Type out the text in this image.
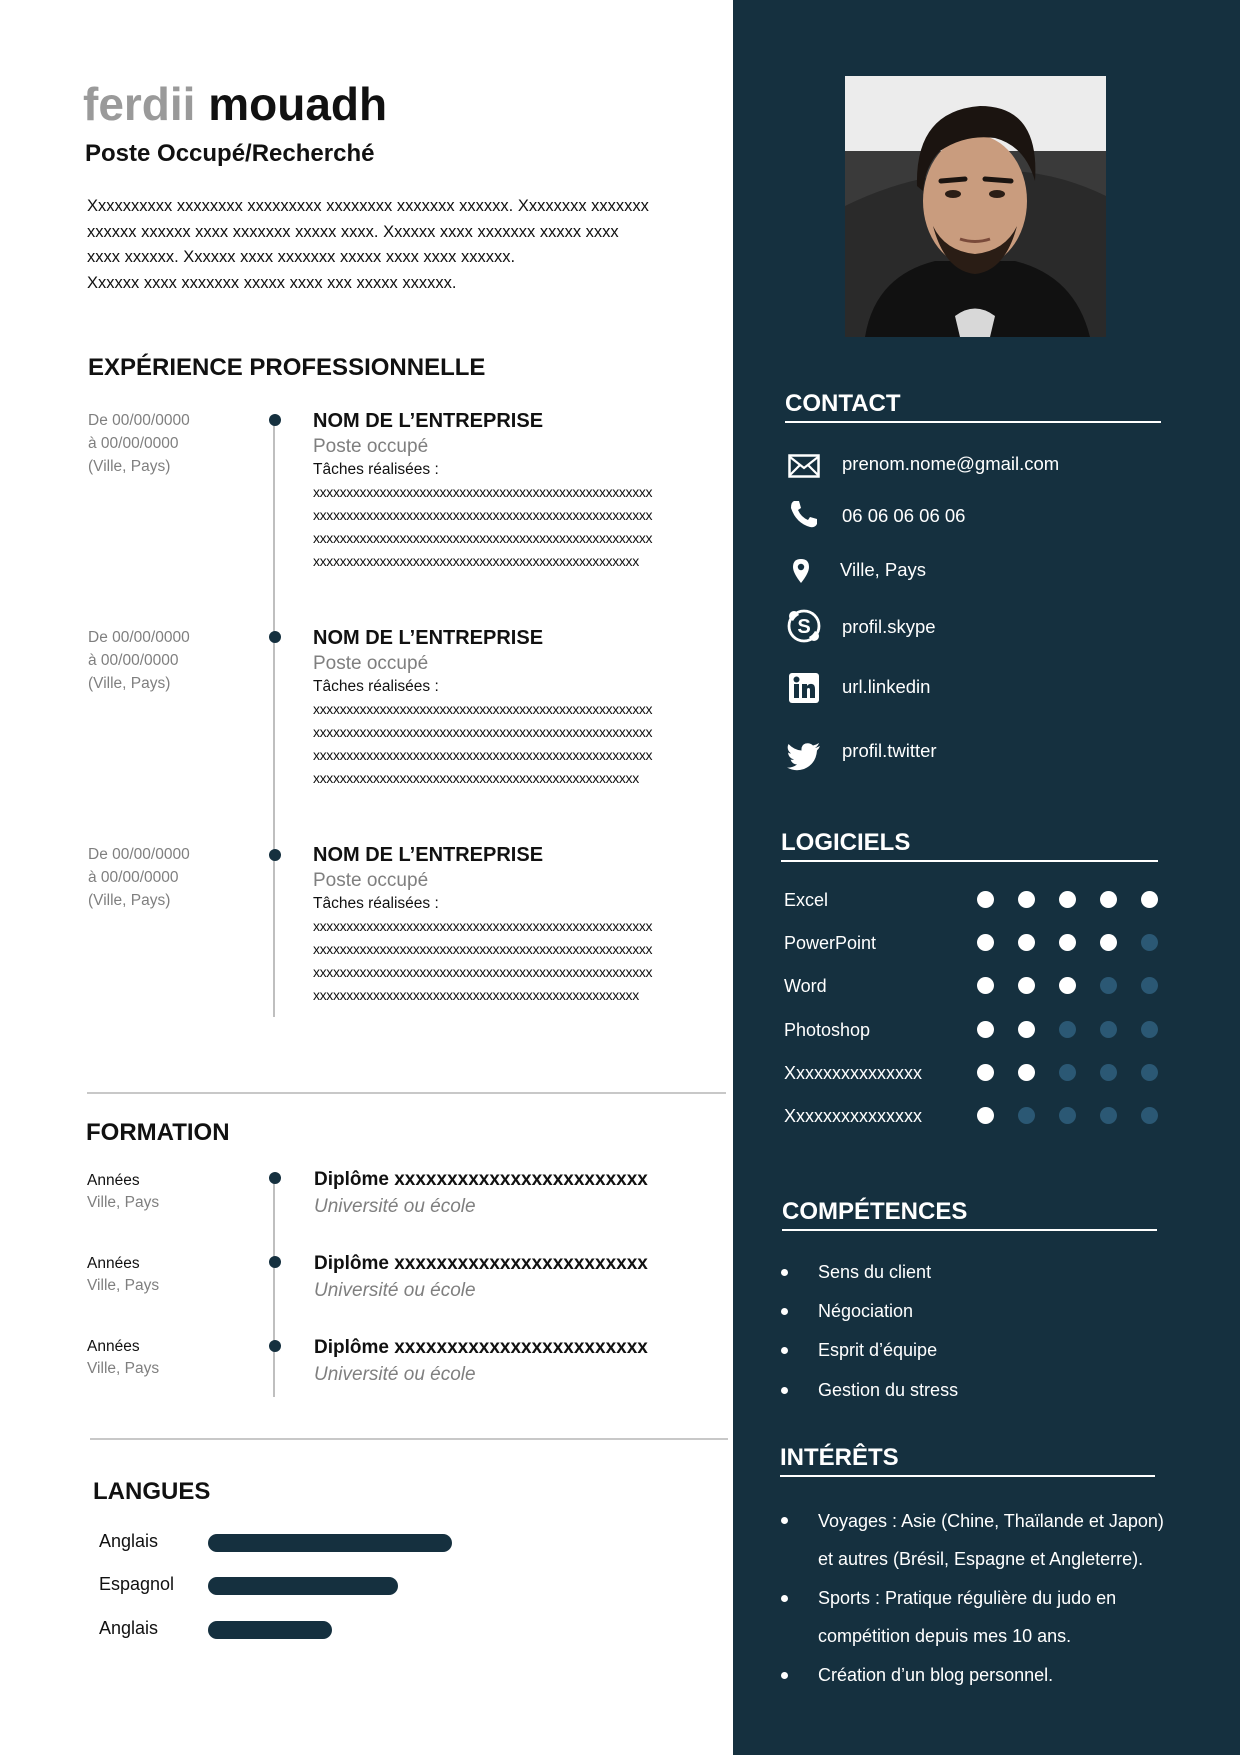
ferdii mouadh
Poste Occupé/Recherché
Xxxxxxxxxx xxxxxxxx xxxxxxxxx xxxxxxxx xxxxxxx xxxxxx. Xxxxxxxx xxxxxxx
xxxxxx xxxxxx xxxx xxxxxxx xxxxx xxxx. Xxxxxx xxxx xxxxxxx xxxxx xxxx
xxxx xxxxxx. Xxxxxx xxxx xxxxxxx xxxxx xxxx xxxx xxxxxx.
Xxxxxx xxxx xxxxxxx xxxxx xxxx xxx xxxxx xxxxxx.
EXPÉRIENCE PROFESSIONNELLE
De 00/00/0000
à 00/00/0000
(Ville, Pays)
NOM DE L’ENTREPRISE
Poste occupé
Tâches réalisées :
xxxxxxxxxxxxxxxxxxxxxxxxxxxxxxxxxxxxxxxxxxxxxxxxxxx
xxxxxxxxxxxxxxxxxxxxxxxxxxxxxxxxxxxxxxxxxxxxxxxxxxx
xxxxxxxxxxxxxxxxxxxxxxxxxxxxxxxxxxxxxxxxxxxxxxxxxxx
xxxxxxxxxxxxxxxxxxxxxxxxxxxxxxxxxxxxxxxxxxxxxxxxx
De 00/00/0000
à 00/00/0000
(Ville, Pays)
NOM DE L’ENTREPRISE
Poste occupé
Tâches réalisées :
xxxxxxxxxxxxxxxxxxxxxxxxxxxxxxxxxxxxxxxxxxxxxxxxxxx
xxxxxxxxxxxxxxxxxxxxxxxxxxxxxxxxxxxxxxxxxxxxxxxxxxx
xxxxxxxxxxxxxxxxxxxxxxxxxxxxxxxxxxxxxxxxxxxxxxxxxxx
xxxxxxxxxxxxxxxxxxxxxxxxxxxxxxxxxxxxxxxxxxxxxxxxx
De 00/00/0000
à 00/00/0000
(Ville, Pays)
NOM DE L’ENTREPRISE
Poste occupé
Tâches réalisées :
xxxxxxxxxxxxxxxxxxxxxxxxxxxxxxxxxxxxxxxxxxxxxxxxxxx
xxxxxxxxxxxxxxxxxxxxxxxxxxxxxxxxxxxxxxxxxxxxxxxxxxx
xxxxxxxxxxxxxxxxxxxxxxxxxxxxxxxxxxxxxxxxxxxxxxxxxxx
xxxxxxxxxxxxxxxxxxxxxxxxxxxxxxxxxxxxxxxxxxxxxxxxx
FORMATION
Années
Ville, Pays
Diplôme xxxxxxxxxxxxxxxxxxxxxxxx
Université ou école
Années
Ville, Pays
Diplôme xxxxxxxxxxxxxxxxxxxxxxxx
Université ou école
Années
Ville, Pays
Diplôme xxxxxxxxxxxxxxxxxxxxxxxx
Université ou école
LANGUES
Anglais
Espagnol
Anglais
CONTACT
prenom.nome@gmail.com
06 06 06 06 06
Ville, Pays
S profil.skype
url.linkedin
profil.twitter
LOGICIELS
Excel
PowerPoint
Word
Photoshop
Xxxxxxxxxxxxxxx
Xxxxxxxxxxxxxxx
COMPÉTENCES
Sens du client
Négociation
Esprit d’équipe
Gestion du stress
INTÉRÊTS
Voyages : Asie (Chine, Thaïlande et Japon) et autres (Brésil, Espagne et Angleterre).
Sports : Pratique régulière du judo en compétition depuis mes 10 ans.
Création d’un blog personnel.
